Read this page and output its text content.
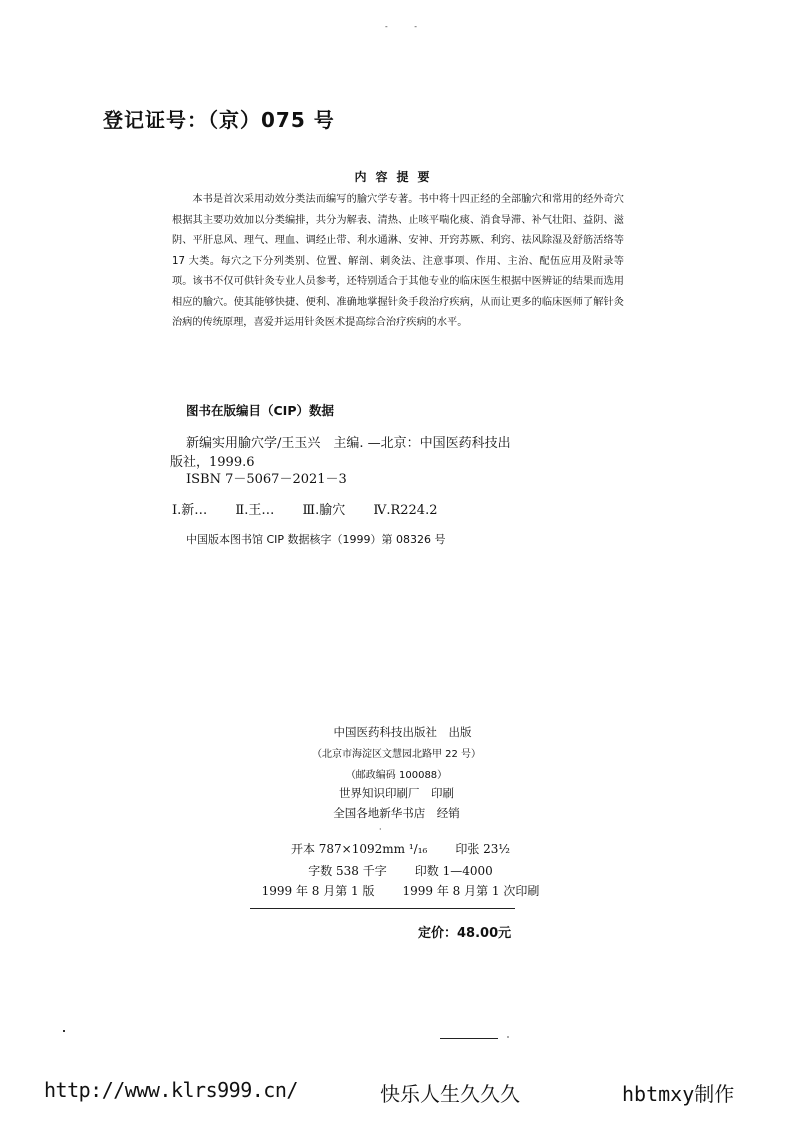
- -
登记证号：（京）075 号
内容提要

本书是首次采用动效分类法而编写的腧穴学专著。书中将十四正经的全部腧穴和常用的经外奇穴根据其主要功效加以分类编排，共分为解表、清热、止咳平喘化痰、消食导滞、补气壮阳、益阴、滋阴、平肝息风、理气、理血、调经止带、利水通淋、安神、开窍苏厥、利窍、祛风除湿及舒筋活络等 17 大类。每穴之下分列类别、位置、解剖、刺灸法、注意事项、作用、主治、配伍应用及附录等项。该书不仅可供针灸专业人员参考，还特别适合于其他专业的临床医生根据中医辨证的结果而选用相应的腧穴。使其能够快捷、便利、准确地掌握针灸手段治疗疾病，从而让更多的临床医师了解针灸治病的传统原理，喜爱并运用针灸医术提高综合治疗疾病的水平。

图书在版编目（CIP）数据
新编实用腧穴学/王玉兴　主编. —北京：中国医药科技出
版社，1999.6
ISBN 7－5067－2021－3
Ⅰ.新… Ⅱ.王… Ⅲ.腧穴 Ⅳ.R224.2
中国版本图书馆 CIP 数据核字（1999）第 08326 号
中国医药科技出版社　出版
（北京市海淀区文慧园北路甲 22 号）
（邮政编码 100088）
世界知识印刷厂　印刷
全国各地新华书店　经销
·
开本 787×1092mm ¹/₁₆ 印张 23½
字数 538 千字 印数 1—4000
1999 年 8 月第 1 版 1999 年 8 月第 1 次印刷
定价：48.00元
http://www.klrs999.cn/	快乐人生久久久	hbtmxy制作
